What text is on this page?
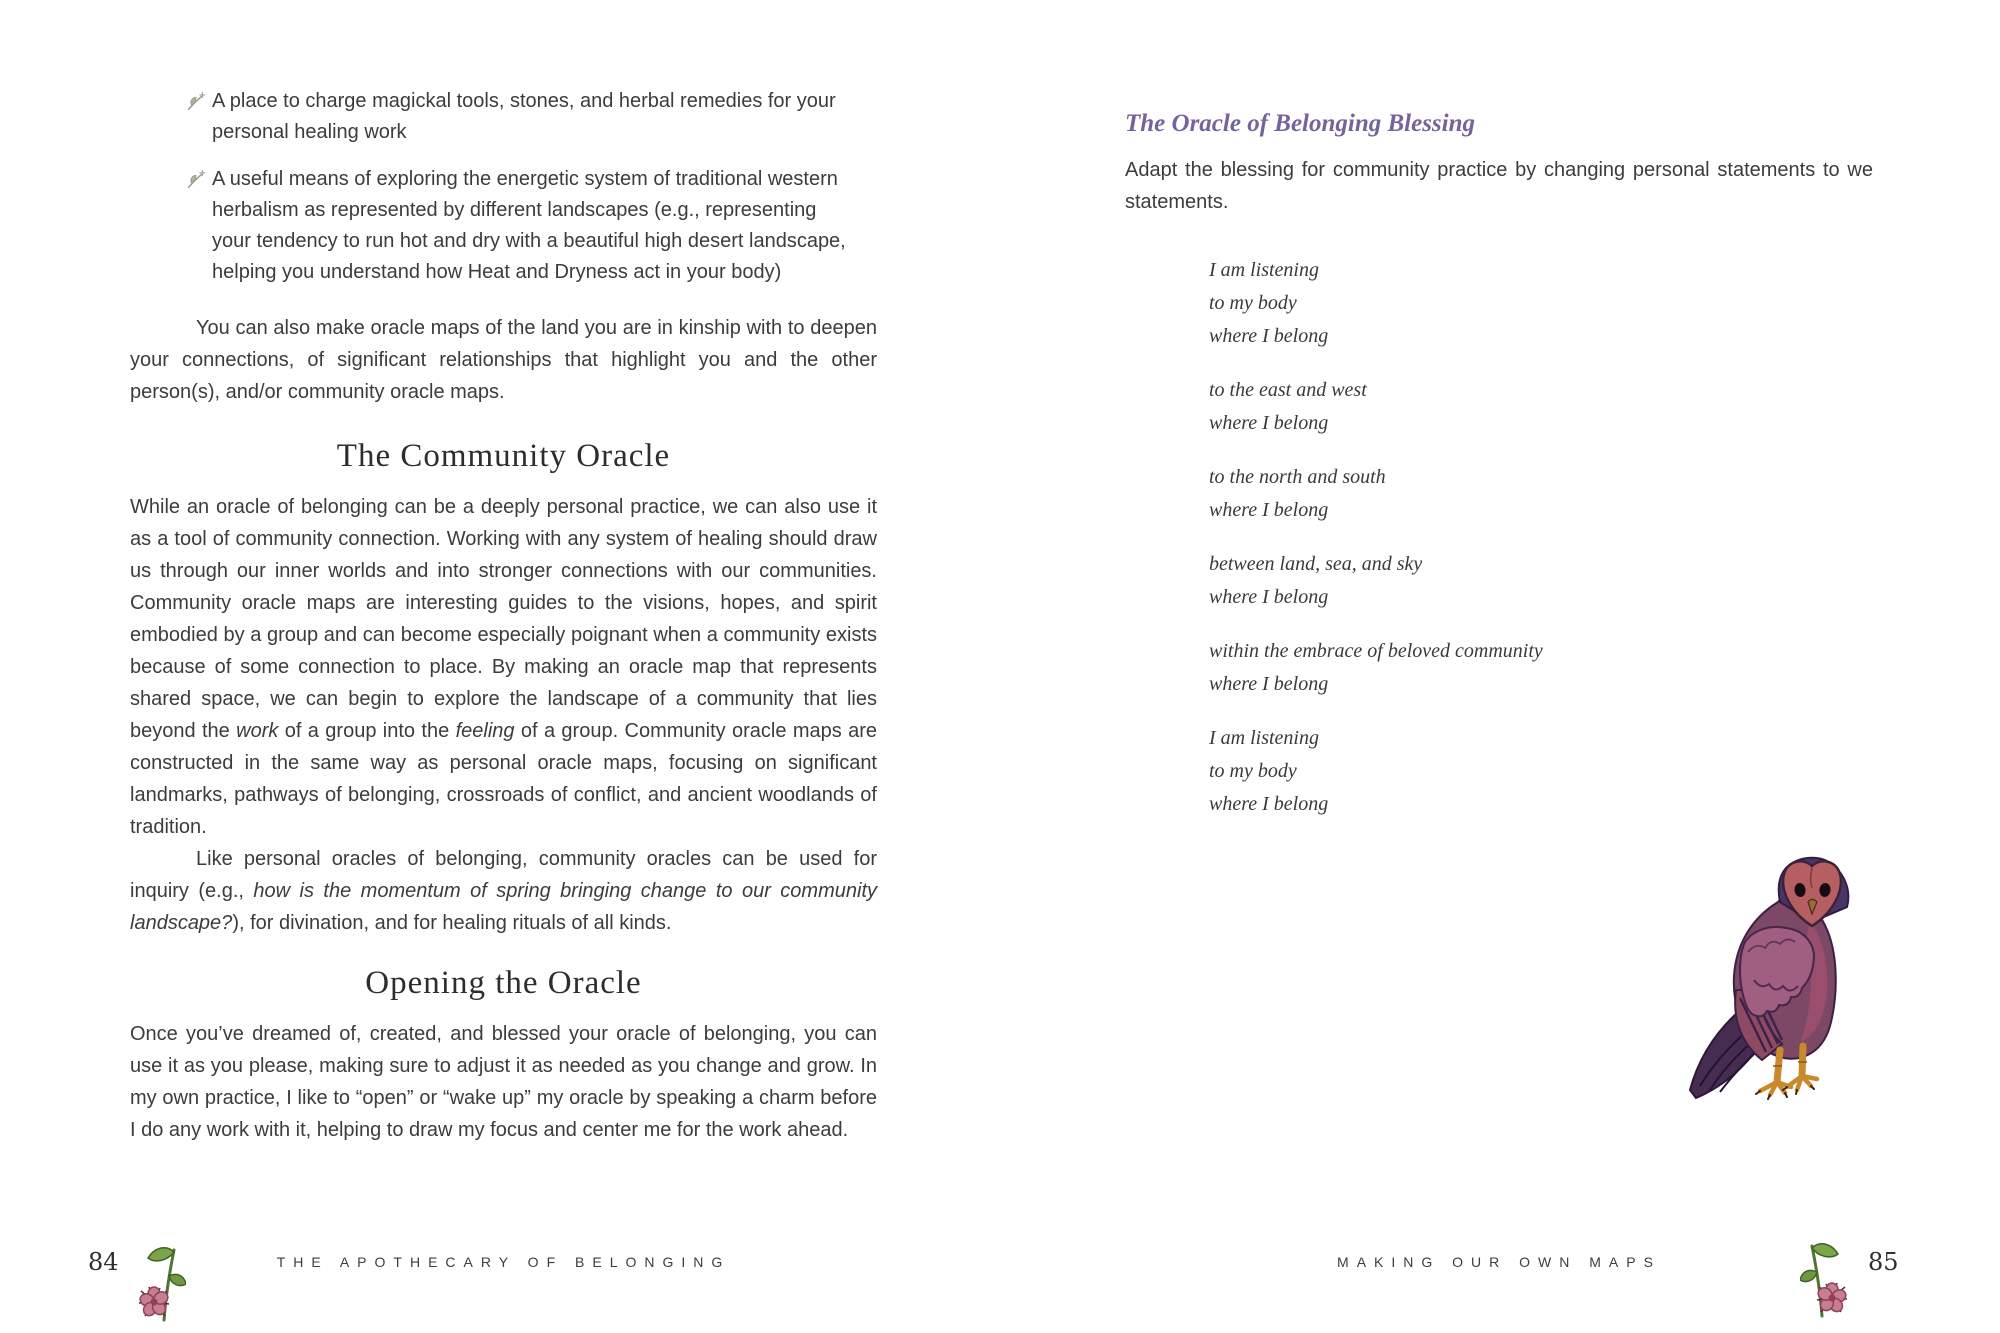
A place to charge magickal tools, stones, and herbal remedies for your personal healing work
A useful means of exploring the energetic system of traditional western herbalism as represented by different landscapes (e.g., representing your tendency to run hot and dry with a beautiful high desert landscape, helping you understand how Heat and Dryness act in your body)

You can also make oracle maps of the land you are in kinship with to deepen your connections, of significant relationships that highlight you and the other person(s), and/or community oracle maps.

The Community Oracle

While an oracle of belonging can be a deeply personal practice, we can also use it as a tool of community connection. Working with any system of healing should draw us through our inner worlds and into stronger connections with our communities. Community oracle maps are interesting guides to the visions, hopes, and spirit embodied by a group and can become especially poignant when a community exists because of some connection to place. By making an oracle map that represents shared space, we can begin to explore the landscape of a community that lies beyond the work of a group into the feeling of a group. Community oracle maps are constructed in the same way as personal oracle maps, focusing on significant landmarks, pathways of belonging, crossroads of conflict, and ancient woodlands of tradition.

Like personal oracles of belonging, community oracles can be used for inquiry (e.g., how is the momentum of spring bringing change to our community landscape?), for divination, and for healing rituals of all kinds.

Opening the Oracle

Once you’ve dreamed of, created, and blessed your oracle of belonging, you can use it as you please, making sure to adjust it as needed as you change and grow. In my own practice, I like to “open” or “wake up” my oracle by speaking a charm before I do any work with it, helping to draw my focus and center me for the work ahead.

The Oracle of Belonging Blessing

Adapt the blessing for community practice by changing personal statements to we statements.

I am listening
to my body
where I belong
to the east and west
where I belong
to the north and south
where I belong
between land, sea, and sky
where I belong
within the embrace of beloved community
where I belong
I am listening
to my body
where I belong
84	THE APOTHECARY OF BELONGING	MAKING OUR OWN MAPS	85
